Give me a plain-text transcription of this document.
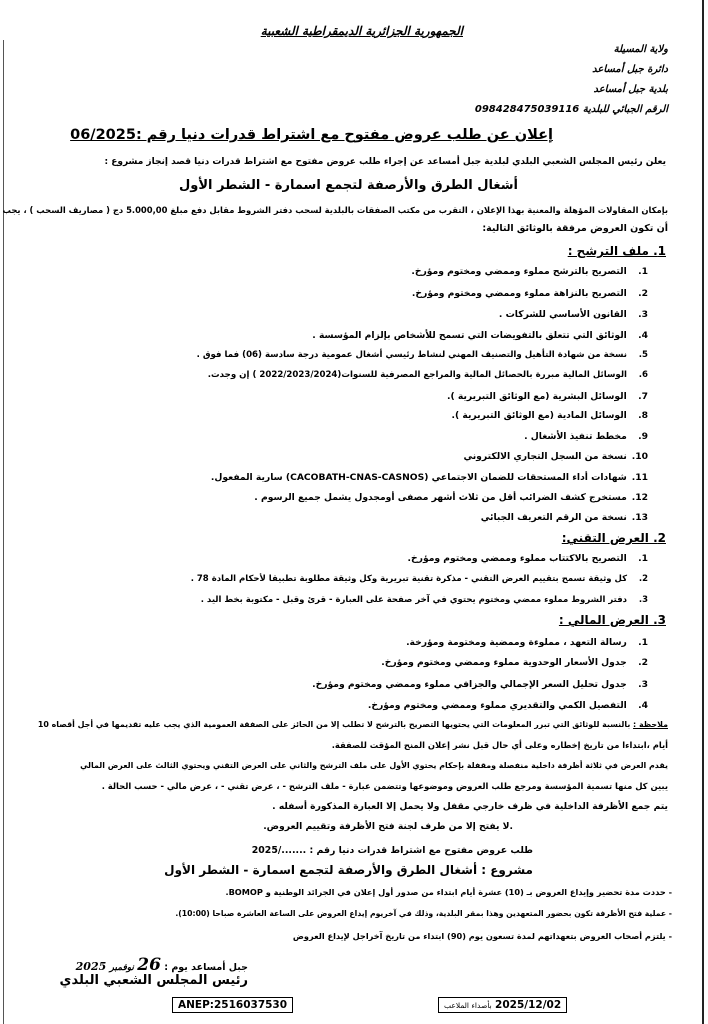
الجمهورية الجزائرية الديمقراطية الشعبية
ولاية المسيلة
دائرة جبل أمساعد
بلدية جبل أمساعد
الرقم الجبائي للبلدية 098428475039116
إعلان عن طلب عروض مفتوح مع اشتراط قدرات دنيا رقم :06/2025
يعلن رئيس المجلس الشعبي البلدي لبلدية جبل أمساعد عن إجراء طلب عروض مفتوح مع اشتراط قدرات دنيا قصد إنجاز مشروع :
أشغال الطرق والأرصفة لتجمع اسمارة - الشطر الأول
بإمكان المقاولات المؤهلة والمعنية بهذا الإعلان ، التقرب من مكتب الصفقات بالبلدية لسحب دفتر الشروط مقابل دفع مبلغ 5.000,00 دج ( مصاريف السحب ) ، يجب
أن تكون العروض مرفقة بالوثائق التالية:
1. ملف الترشح :
1. التصريح بالترشح مملوء وممضي ومختوم ومؤرخ.
2. التصريح بالنزاهة مملوء وممضي ومختوم ومؤرخ.
3. القانون الأساسي للشركات .
4. الوثائق التي تتعلق بالتفويضات التي تسمح للأشخاص بإلزام المؤسسة .
5. نسخة من شهادة التأهيل والتصنيف المهني لنشاط رئيسي أشغال عمومية درجة سادسة (06) فما فوق .
6. الوسائل المالية مبررة بالحصائل المالية والمراجع المصرفية للسنوات(2022/2023/2024 ) إن وجدت.
7. الوسائل البشرية (مع الوثائق التبريرية ).
8. الوسائل المادية (مع الوثائق التبريرية ).
9. مخطط تنفيذ الأشغال .
10. نسخة من السجل التجاري الالكتروني
11. شهادات أداء المستحقات للضمان الاجتماعي (CACOBATH-CNAS-CASNOS) سارية المفعول.
12. مستخرج كشف الضرائب أقل من ثلاث أشهر مصفى أومجدول يشمل جميع الرسوم .
13. نسخة من الرقم التعريف الجبائي
2. العرض التقني:
1. التصريح بالاكتتاب مملوء وممضي ومختوم ومؤرخ.
2. كل وثيقة تسمح بتقييم العرض التقني - مذكرة تقنية تبريرية وكل وثيقة مطلوبة تطبيقا لأحكام المادة 78 .
3. دفتر الشروط مملوء ممضي ومختوم يحتوي في آخر صفحة على العبارة - قرئ وقبل - مكتوبة بخط اليد .
3. العرض المالي :
1. رسالة التعهد ، مملوءة وممضية ومختومة ومؤرخة.
2. جدول الأسعار الوحدوية مملوء وممضي ومختوم ومؤرخ.
3. جدول تحليل السعر الإجمالي والجزافي مملوء وممضي ومختوم ومؤرخ.
4. التفصيل الكمي والتقديري مملوء وممضي ومختوم ومؤرخ.
ملاحظة : بالنسبة للوثائق التي تبرر المعلومات التي يحتويها التصريح بالترشح لا تطلب إلا من الحائز على الصفقة العمومية الذي يجب عليه تقديمها في أجل أقصاه 10
أيام ،ابتداءا من تاريخ إخطاره وعلى أي حال قبل نشر إعلان المنح المؤقت للصفقة.
يقدم العرض في ثلاثة أظرفة داخلية منفصلة ومقفلة بإحكام يحتوي الأول على ملف الترشح والثاني على العرض التقني ويحتوي الثالث على العرض المالي
يبين كل منها تسمية المؤسسة ومرجع طلب العروض وموضوعها وتتضمن عبارة - ملف الترشح - ، عرض تقني - ، عرض مالي - حسب الحالة .
يتم جمع الأظرفة الداخلية في ظرف خارجي مقفل ولا يحمل إلا العبارة المذكورة أسفله .
.لا يفتح إلا من طرف لجنة فتح الأظرفة وتقييم العروض.
طلب عروض مفتوح مع اشتراط قدرات دنيا رقم : ......./2025
مشروع : أشغال الطرق والأرصفة لتجمع اسمارة - الشطر الأول
- حددت مدة تحضير وإيداع العروض بـ (10) عشرة أيام ابتداء من صدور أول إعلان في الجرائد الوطنية و BOMOP.
- عملية فتح الأظرفة تكون بحضور المتعهدين وهذا بمقر البلدية، وذلك في آخريوم إيداع العروض على الساعة العاشرة صباحا (10:00).
- يلتزم أصحاب العروض بتعهداتهم لمدة تسعون يوم (90) ابتداء من تاريخ آخراجل لإيداع العروض
جبل أمساعد يوم : 26 نوفمبر 2025
رئيس المجلس الشعبي البلدي
ANEP:2516037530	2025/12/02 بأصداء الملاعب
